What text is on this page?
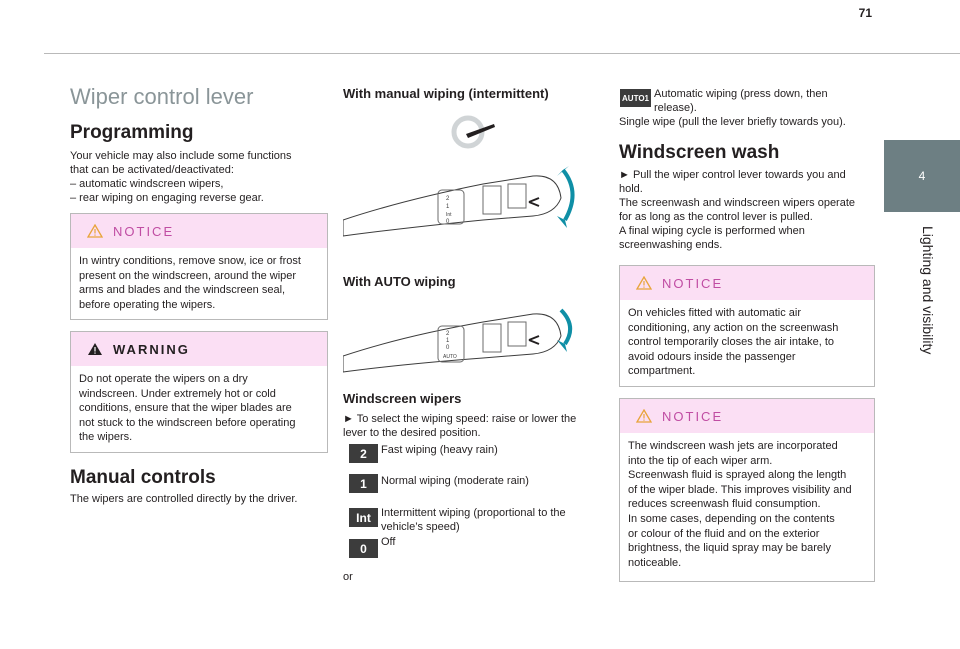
71
4
Lighting and visibility
Wiper control lever
Programming
Your vehicle may also include some functions
that can be activated/deactivated:
– automatic windscreen wipers,
– rear wiping on engaging reverse gear.
NOTICE
In wintry conditions, remove snow, ice or frost
present on the windscreen, around the wiper
arms and blades and the windscreen seal,
before operating the wipers.
WARNING
Do not operate the wipers on a dry
windscreen. Under extremely hot or cold
conditions, ensure that the wiper blades are
not stuck to the windscreen before operating
the wipers.
Manual controls
The wipers are controlled directly by the driver.
With manual wiping (intermittent)
2
1
Int
0
With AUTO wiping
2
1
0
AUTO
Windscreen wipers
► To select the wiping speed: raise or lower the
lever to the desired position.
2	Fast wiping (heavy rain)
1	Normal wiping (moderate rain)
Int Intermittent wiping (proportional to the
vehicle’s speed)
0	Off
or
AUTO1 Automatic wiping (press down, then
release).
Single wipe (pull the lever briefly towards you).
Windscreen wash
► Pull the wiper control lever towards you and
hold.
The screenwash and windscreen wipers operate
for as long as the control lever is pulled.
A final wiping cycle is performed when
screenwashing ends.
NOTICE
On vehicles fitted with automatic air
conditioning, any action on the screenwash
control temporarily closes the air intake, to
avoid odours inside the passenger
compartment.
NOTICE
The windscreen wash jets are incorporated
into the tip of each wiper arm.
Screenwash fluid is sprayed along the length
of the wiper blade. This improves visibility and
reduces screenwash fluid consumption.
In some cases, depending on the contents
or colour of the fluid and on the exterior
brightness, the liquid spray may be barely
noticeable.
